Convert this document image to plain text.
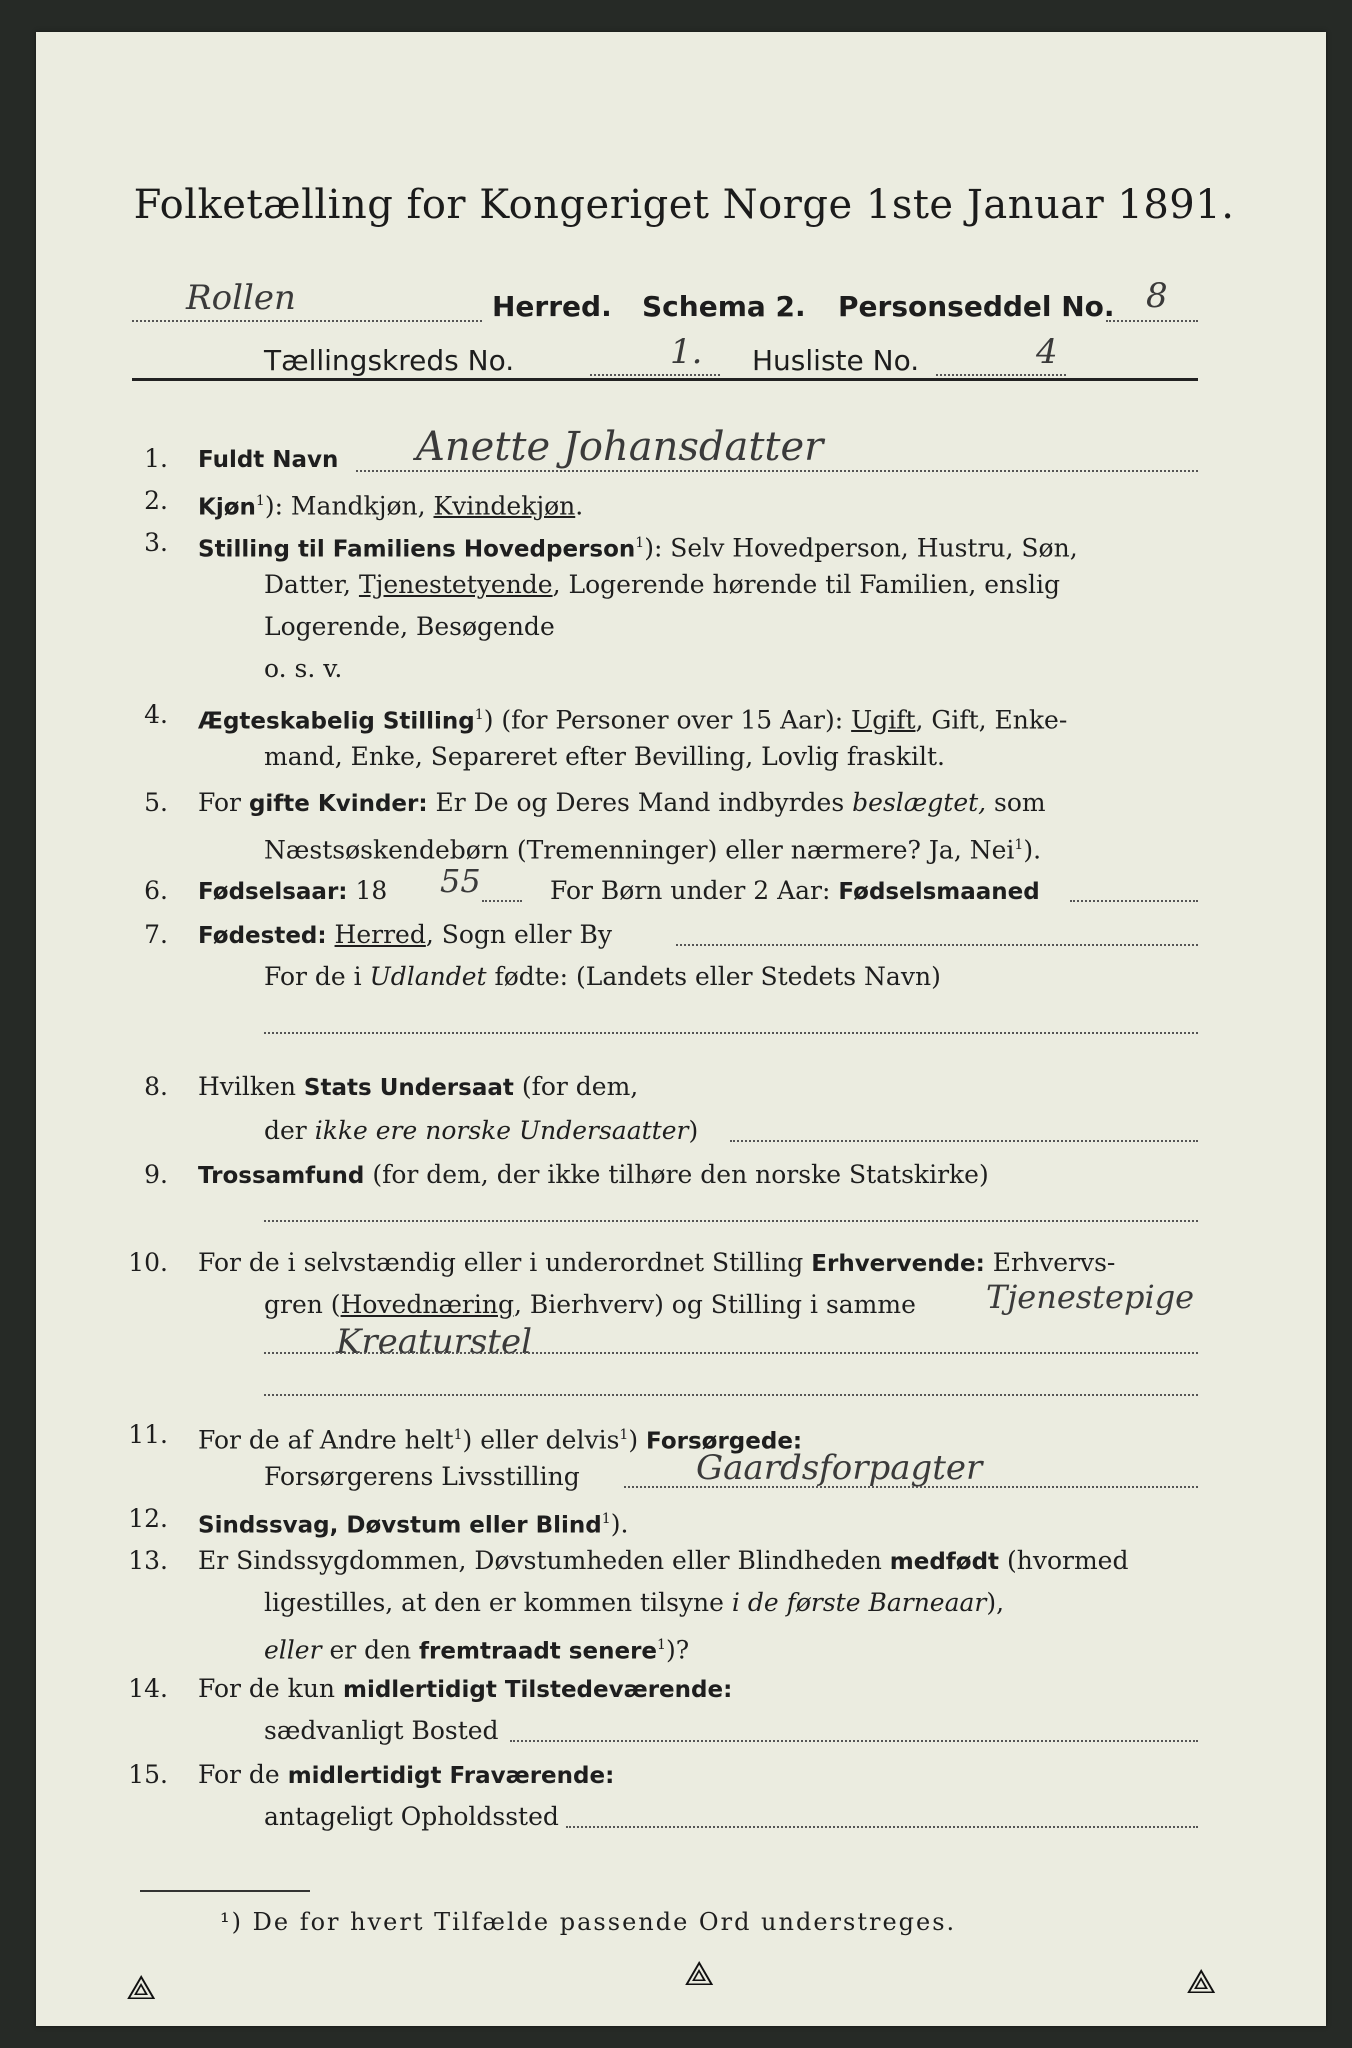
Folketælling for Kongeriget Norge 1ste Januar 1891.
Rollen	Herred. Schema 2. Personseddel No. 8
Tællingskreds No.	1. Husliste No.	4
1. Fuldt Navn Anette Johansdatter
2. Kjøn$^1$): Mandkjøn, Kvindekjøn.
3. Stilling til Familiens Hovedperson$^1$): Selv Hovedperson, Hustru, Søn,
Datter, Tjenestetyende, Logerende hørende til Familien, enslig
Logerende, Besøgende
o. s. v.
4. Ægteskabelig Stilling$^1$) (for Personer over 15 Aar): Ugift, Gift, Enke-
mand, Enke, Separeret efter Bevilling, Lovlig fraskilt.
5. For gifte Kvinder: Er De og Deres Mand indbyrdes beslægtet, som
Næstsøskendebørn (Tremenninger) eller nærmere? Ja, Nei$^1$).
6. Fødselsaar: 18 55	For Børn under 2 Aar: Fødselsmaaned
7. Fødested: Herred, Sogn eller By
For de i Udlandet fødte: (Landets eller Stedets Navn)
8. Hvilken Stats Undersaat (for dem,
der ikke ere norske Undersaatter)
9. Trossamfund (for dem, der ikke tilhøre den norske Statskirke)
10. For de i selvstændig eller i underordnet Stilling Erhvervende: Erhvervs-
gren (Hovednæring, Bierhverv) og Stilling i samme Tjenestepige
Kreaturstel
11. For de af Andre helt$^1$) eller delvis$^1$) Forsørgede:
Forsørgerens Livsstilling	Gaardsforpagter
12. Sindssvag, Døvstum eller Blind$^1$).
13. Er Sindssygdommen, Døvstumheden eller Blindheden medfødt (hvormed
ligestilles, at den er kommen tilsyne i de første Barneaar),
eller er den fremtraadt senere$^1$)?
14. For de kun midlertidigt Tilstedeværende:
sædvanligt Bosted
15. For de midlertidigt Fraværende:
antageligt Opholdssted
¹) De for hvert Tilfælde passende Ord understreges.
⟁	⟁	⟁
